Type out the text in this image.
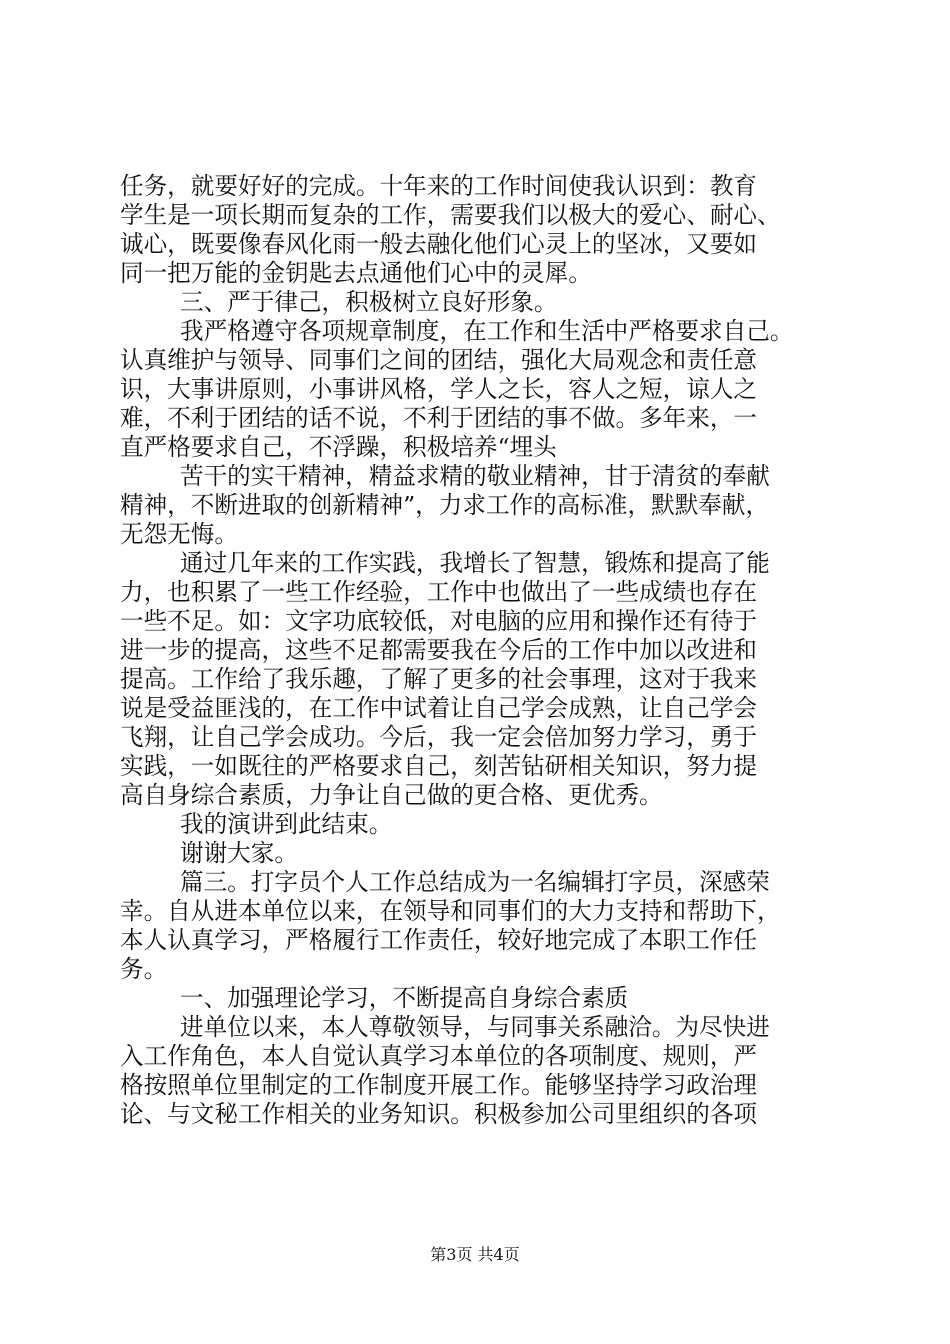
任务，就要好好的完成。十年来的工作时间使我认识到：教育
学生是一项长期而复杂的工作，需要我们以极大的爱心、耐心、
诚心，既要像春风化雨一般去融化他们心灵上的坚冰，又要如
同一把万能的金钥匙去点通他们心中的灵犀。
三、严于律己，积极树立良好形象。
我严格遵守各项规章制度，在工作和生活中严格要求自己。
认真维护与领导、同事们之间的团结，强化大局观念和责任意
识，大事讲原则，小事讲风格，学人之长，容人之短，谅人之
难，不利于团结的话不说，不利于团结的事不做。多年来，一
直严格要求自己，不浮躁，积极培养“埋头
苦干的实干精神，精益求精的敬业精神，甘于清贫的奉献
精神，不断进取的创新精神”，力求工作的高标准，默默奉献，
无怨无悔。
通过几年来的工作实践，我增长了智慧，锻炼和提高了能
力，也积累了一些工作经验，工作中也做出了一些成绩也存在
一些不足。如：文字功底较低，对电脑的应用和操作还有待于
进一步的提高，这些不足都需要我在今后的工作中加以改进和
提高。工作给了我乐趣，了解了更多的社会事理，这对于我来
说是受益匪浅的，在工作中试着让自己学会成熟，让自己学会
飞翔，让自己学会成功。今后，我一定会倍加努力学习，勇于
实践，一如既往的严格要求自己，刻苦钻研相关知识，努力提
高自身综合素质，力争让自己做的更合格、更优秀。
我的演讲到此结束。
谢谢大家。
篇三。打字员个人工作总结成为一名编辑打字员，深感荣
幸。自从进本单位以来，在领导和同事们的大力支持和帮助下，
本人认真学习，严格履行工作责任，较好地完成了本职工作任
务。
一、加强理论学习，不断提高自身综合素质
进单位以来，本人尊敬领导，与同事关系融洽。为尽快进
入工作角色，本人自觉认真学习本单位的各项制度、规则，严
格按照单位里制定的工作制度开展工作。能够坚持学习政治理
论、与文秘工作相关的业务知识。积极参加公司里组织的各项
第3页 共4页
